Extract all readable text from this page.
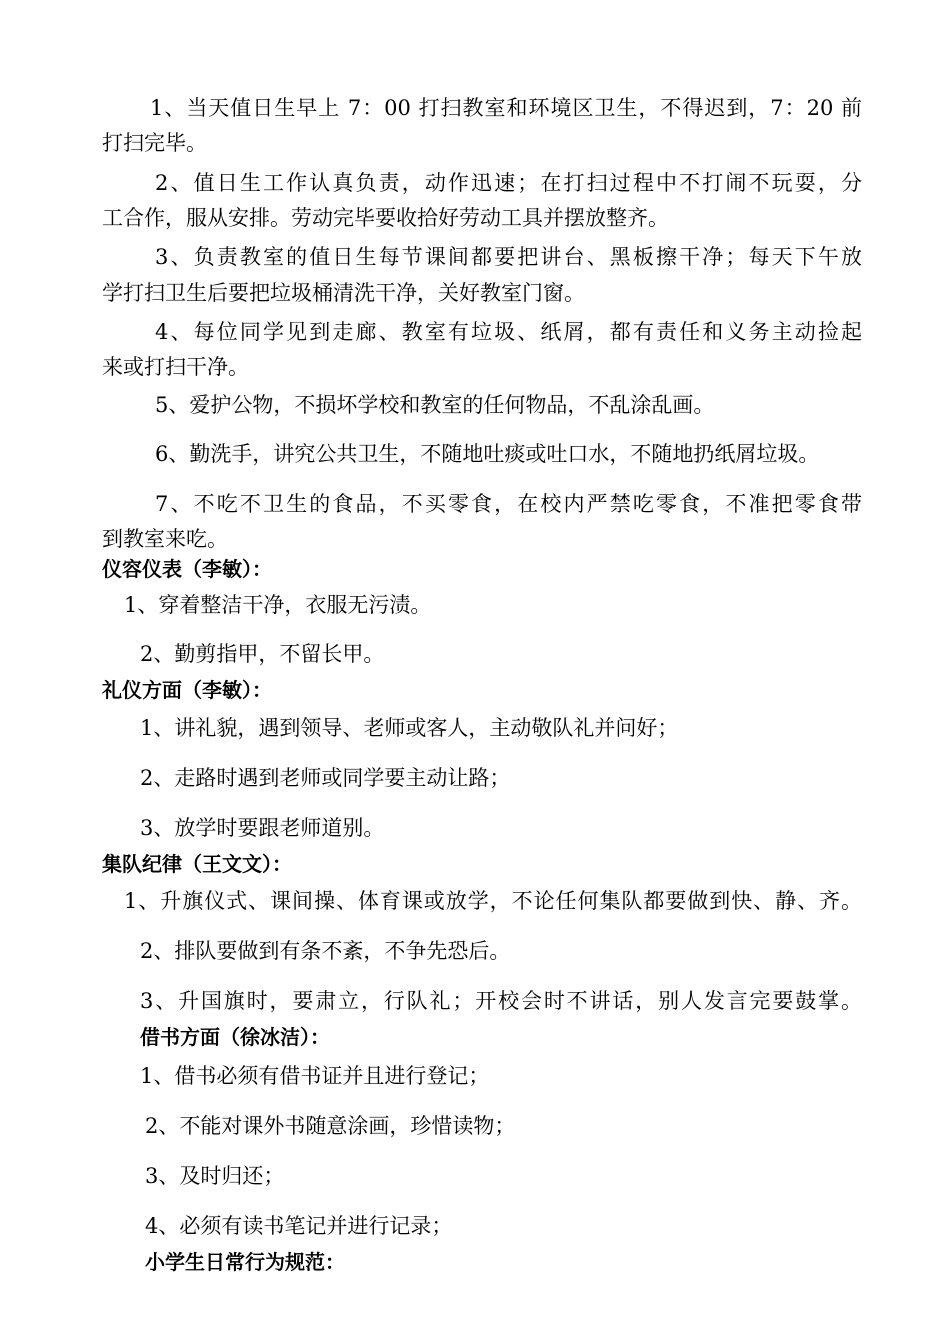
1、当天值日生早上 7：00 打扫教室和环境区卫生，不得迟到，7：20 前
打扫完毕。
2、值日生工作认真负责，动作迅速；在打扫过程中不打闹不玩耍，分
工合作，服从安排。劳动完毕要收拾好劳动工具并摆放整齐。
3、负责教室的值日生每节课间都要把讲台、黑板擦干净；每天下午放
学打扫卫生后要把垃圾桶清洗干净，关好教室门窗。
4、每位同学见到走廊、教室有垃圾、纸屑，都有责任和义务主动捡起
来或打扫干净。
5、爱护公物，不损坏学校和教室的任何物品，不乱涂乱画。
6、勤洗手，讲究公共卫生，不随地吐痰或吐口水，不随地扔纸屑垃圾。
7、不吃不卫生的食品，不买零食，在校内严禁吃零食，不准把零食带
到教室来吃。
仪容仪表（李敏）：
1、穿着整洁干净，衣服无污渍。
2、勤剪指甲，不留长甲。
礼仪方面（李敏）：
1、讲礼貌，遇到领导、老师或客人，主动敬队礼并问好；
2、走路时遇到老师或同学要主动让路；
3、放学时要跟老师道别。
集队纪律（王文文）：
1、升旗仪式、课间操、体育课或放学，不论任何集队都要做到快、静、齐。
2、排队要做到有条不紊，不争先恐后。
3、升国旗时，要肃立，行队礼；开校会时不讲话，别人发言完要鼓掌。
借书方面（徐冰洁）：
1、借书必须有借书证并且进行登记；
2、不能对课外书随意涂画，珍惜读物；
3、及时归还；
4、必须有读书笔记并进行记录；
小学生日常行为规范：
